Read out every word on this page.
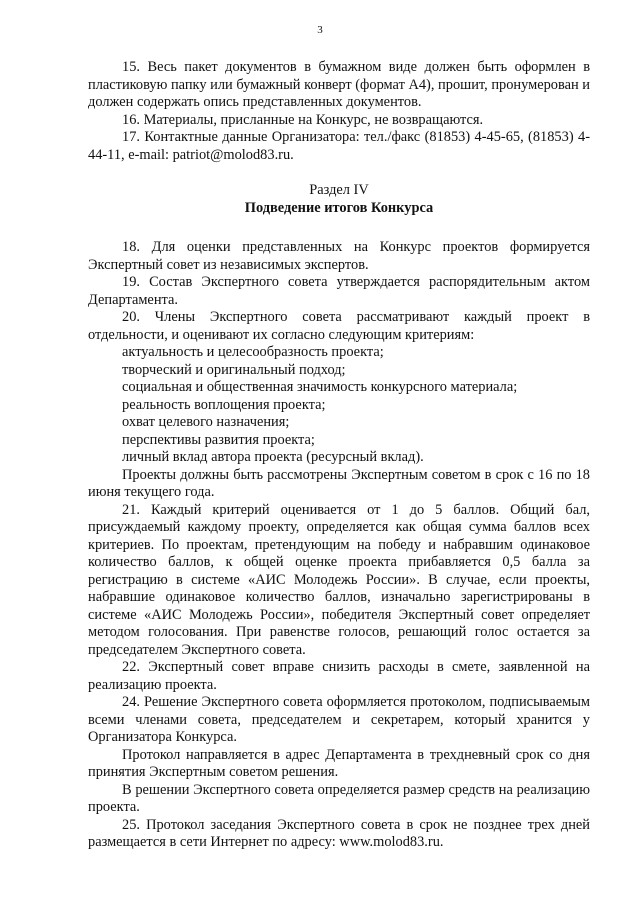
3

15. Весь пакет документов в бумажном виде должен быть оформлен в пластиковую папку или бумажный конверт (формат А4), прошит, пронумерован и должен содержать опись представленных документов.

16. Материалы, присланные на Конкурс, не возвращаются.

17. Контактные данные Организатора: тел./факс (81853) 4-45-65, (81853) 4-44-11, e-mail: patriot@molod83.ru.

Раздел IV

Подведение итогов Конкурса

18. Для оценки представленных на Конкурс проектов формируется Экспертный совет из независимых экспертов.

19. Состав Экспертного совета утверждается распорядительным актом Департамента.

20. Члены Экспертного совета рассматривают каждый проект в отдельности, и оценивают их согласно следующим критериям:

актуальность и целесообразность проекта;

творческий и оригинальный подход;

социальная и общественная значимость конкурсного материала;

реальность воплощения проекта;

охват целевого назначения;

перспективы развития проекта;

личный вклад автора проекта (ресурсный вклад).

Проекты должны быть рассмотрены Экспертным советом в срок с 16 по 18 июня текущего года.

21. Каждый критерий оценивается от 1 до 5 баллов. Общий бал, присуждаемый каждому проекту, определяется как общая сумма баллов всех критериев. По проектам, претендующим на победу и набравшим одинаковое количество баллов, к общей оценке проекта прибавляется 0,5 балла за регистрацию в системе «АИС Молодежь России». В случае, если проекты, набравшие одинаковое количество баллов, изначально зарегистрированы в системе «АИС Молодежь России», победителя Экспертный совет определяет методом голосования. При равенстве голосов, решающий голос остается за председателем Экспертного совета.

22. Экспертный совет вправе снизить расходы в смете, заявленной на реализацию проекта.

24. Решение Экспертного совета оформляется протоколом, подписываемым всеми членами совета, председателем и секретарем, который хранится у Организатора Конкурса.

Протокол направляется в адрес Департамента в трехдневный срок со дня принятия Экспертным советом решения.

В решении Экспертного совета определяется размер средств на реализацию проекта.

25. Протокол заседания Экспертного совета в срок не позднее трех дней размещается в сети Интернет по адресу: www.molod83.ru.
